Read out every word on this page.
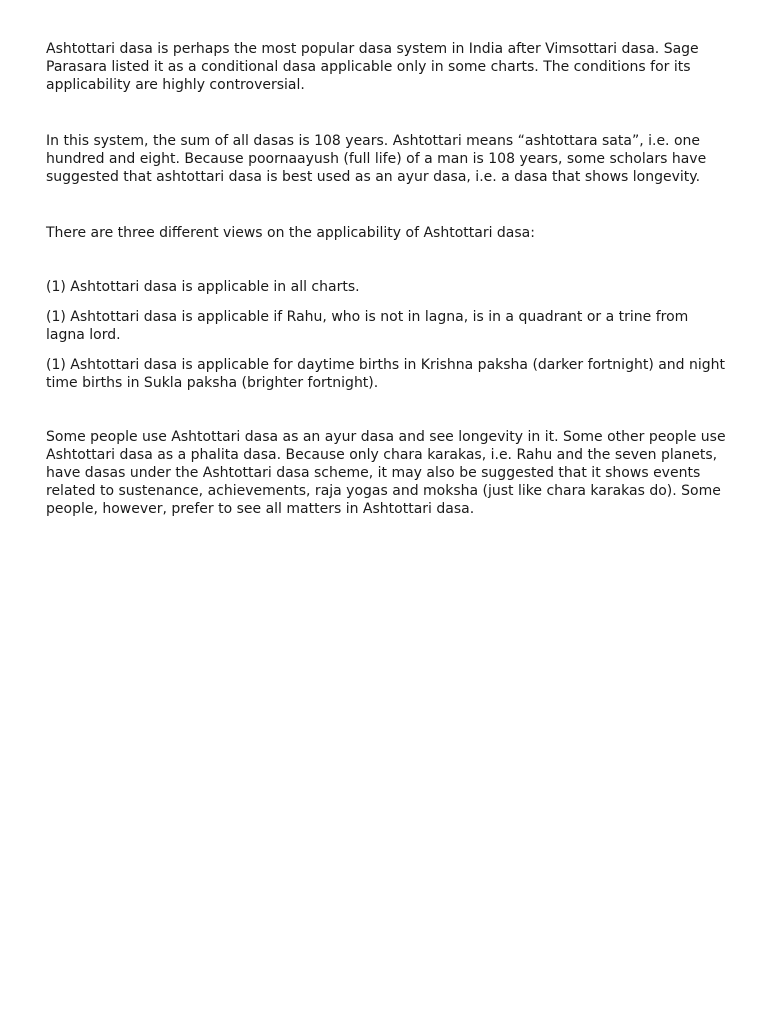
Ashtottari dasa is perhaps the most popular dasa system in India after Vimsottari dasa. Sage Parasara listed it as a conditional dasa applicable only in some charts. The conditions for its applicability are highly controversial.

In this system, the sum of all dasas is 108 years. Ashtottari means “ashtottara sata”, i.e. one hundred and eight. Because poornaayush (full life) of a man is 108 years, some scholars have suggested that ashtottari dasa is best used as an ayur dasa, i.e. a dasa that shows longevity.

There are three different views on the applicability of Ashtottari dasa:

(1) Ashtottari dasa is applicable in all charts.

(1) Ashtottari dasa is applicable if Rahu, who is not in lagna, is in a quadrant or a trine from lagna lord.

(1) Ashtottari dasa is applicable for daytime births in Krishna paksha (darker fortnight) and night time births in Sukla paksha (brighter fortnight).

Some people use Ashtottari dasa as an ayur dasa and see longevity in it. Some other people use Ashtottari dasa as a phalita dasa. Because only chara karakas, i.e. Rahu and the seven planets, have dasas under the Ashtottari dasa scheme, it may also be suggested that it shows events related to sustenance, achievements, raja yogas and moksha (just like chara karakas do). Some people, however, prefer to see all matters in Ashtottari dasa.
